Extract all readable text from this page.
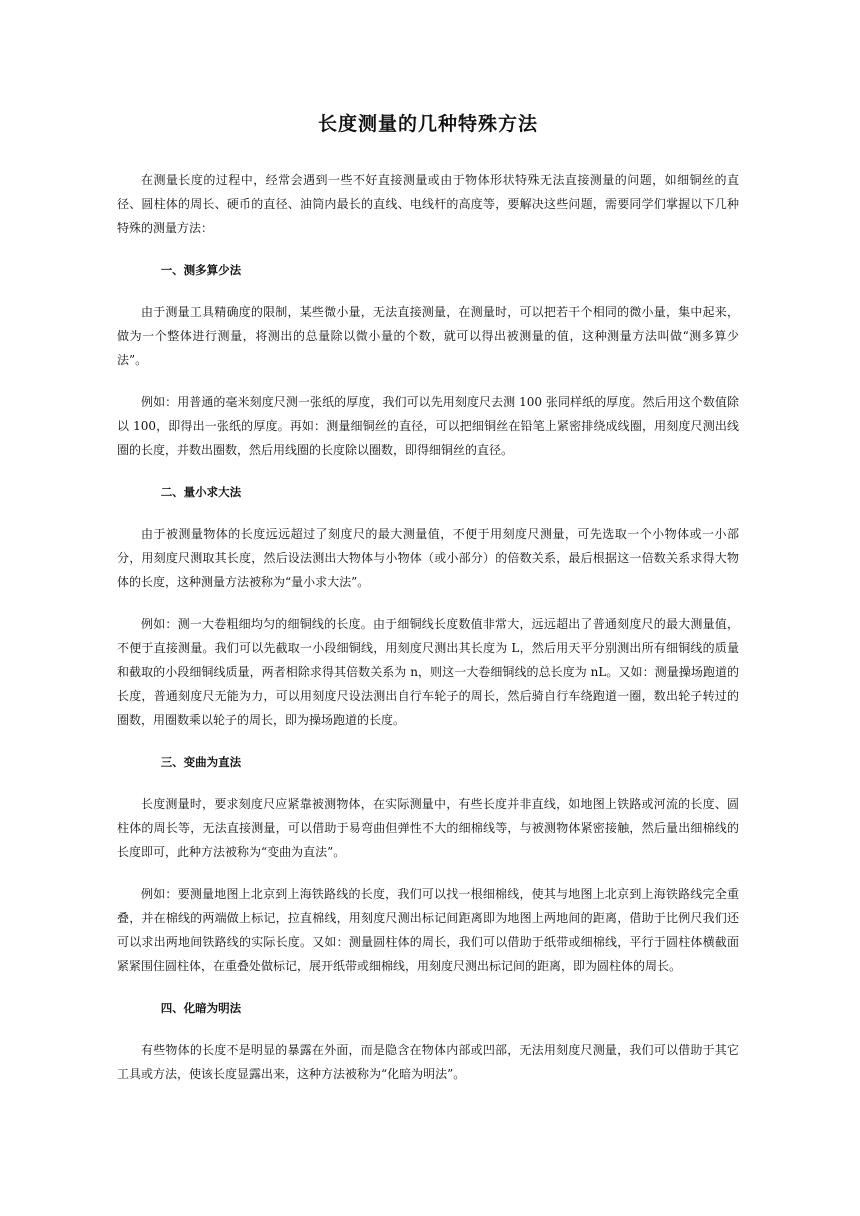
长度测量的几种特殊方法

在测量长度的过程中，经常会遇到一些不好直接测量或由于物体形状特殊无法直接测量的问题，如细铜丝的直径、圆柱体的周长、硬币的直径、油筒内最长的直线、电线杆的高度等，要解决这些问题，需要同学们掌握以下几种特殊的测量方法：

一、测多算少法

由于测量工具精确度的限制，某些微小量，无法直接测量，在测量时，可以把若干个相同的微小量，集中起来，做为一个整体进行测量，将测出的总量除以微小量的个数，就可以得出被测量的值，这种测量方法叫做“测多算少法”。

例如：用普通的毫米刻度尺测一张纸的厚度，我们可以先用刻度尺去测 100 张同样纸的厚度。然后用这个数值除以 100，即得出一张纸的厚度。再如：测量细铜丝的直径，可以把细铜丝在铅笔上紧密排绕成线圈，用刻度尺测出线圈的长度，并数出圈数，然后用线圈的长度除以圈数，即得细铜丝的直径。

二、量小求大法

由于被测量物体的长度远远超过了刻度尺的最大测量值，不便于用刻度尺测量，可先选取一个小物体或一小部分，用刻度尺测取其长度，然后设法测出大物体与小物体（或小部分）的倍数关系，最后根据这一倍数关系求得大物体的长度，这种测量方法被称为“量小求大法”。

例如：测一大卷粗细均匀的细铜线的长度。由于细铜线长度数值非常大，远远超出了普通刻度尺的最大测量值，不便于直接测量。我们可以先截取一小段细铜线，用刻度尺测出其长度为 L，然后用天平分别测出所有细铜线的质量和截取的小段细铜线质量，两者相除求得其倍数关系为 n，则这一大卷细铜线的总长度为 nL。又如：测量操场跑道的长度，普通刻度尺无能为力，可以用刻度尺设法测出自行车轮子的周长，然后骑自行车绕跑道一圈，数出轮子转过的圈数，用圈数乘以轮子的周长，即为操场跑道的长度。

三、变曲为直法

长度测量时，要求刻度尺应紧靠被测物体，在实际测量中，有些长度并非直线，如地图上铁路或河流的长度、圆柱体的周长等，无法直接测量，可以借助于易弯曲但弹性不大的细棉线等，与被测物体紧密接触，然后量出细棉线的长度即可，此种方法被称为“变曲为直法”。

例如：要测量地图上北京到上海铁路线的长度，我们可以找一根细棉线，使其与地图上北京到上海铁路线完全重叠，并在棉线的两端做上标记，拉直棉线，用刻度尺测出标记间距离即为地图上两地间的距离，借助于比例尺我们还可以求出两地间铁路线的实际长度。又如：测量圆柱体的周长，我们可以借助于纸带或细棉线，平行于圆柱体横截面紧紧围住圆柱体，在重叠处做标记，展开纸带或细棉线，用刻度尺测出标记间的距离，即为圆柱体的周长。

四、化暗为明法

有些物体的长度不是明显的暴露在外面，而是隐含在物体内部或凹部，无法用刻度尺测量，我们可以借助于其它工具或方法，使该长度显露出来，这种方法被称为“化暗为明法”。
